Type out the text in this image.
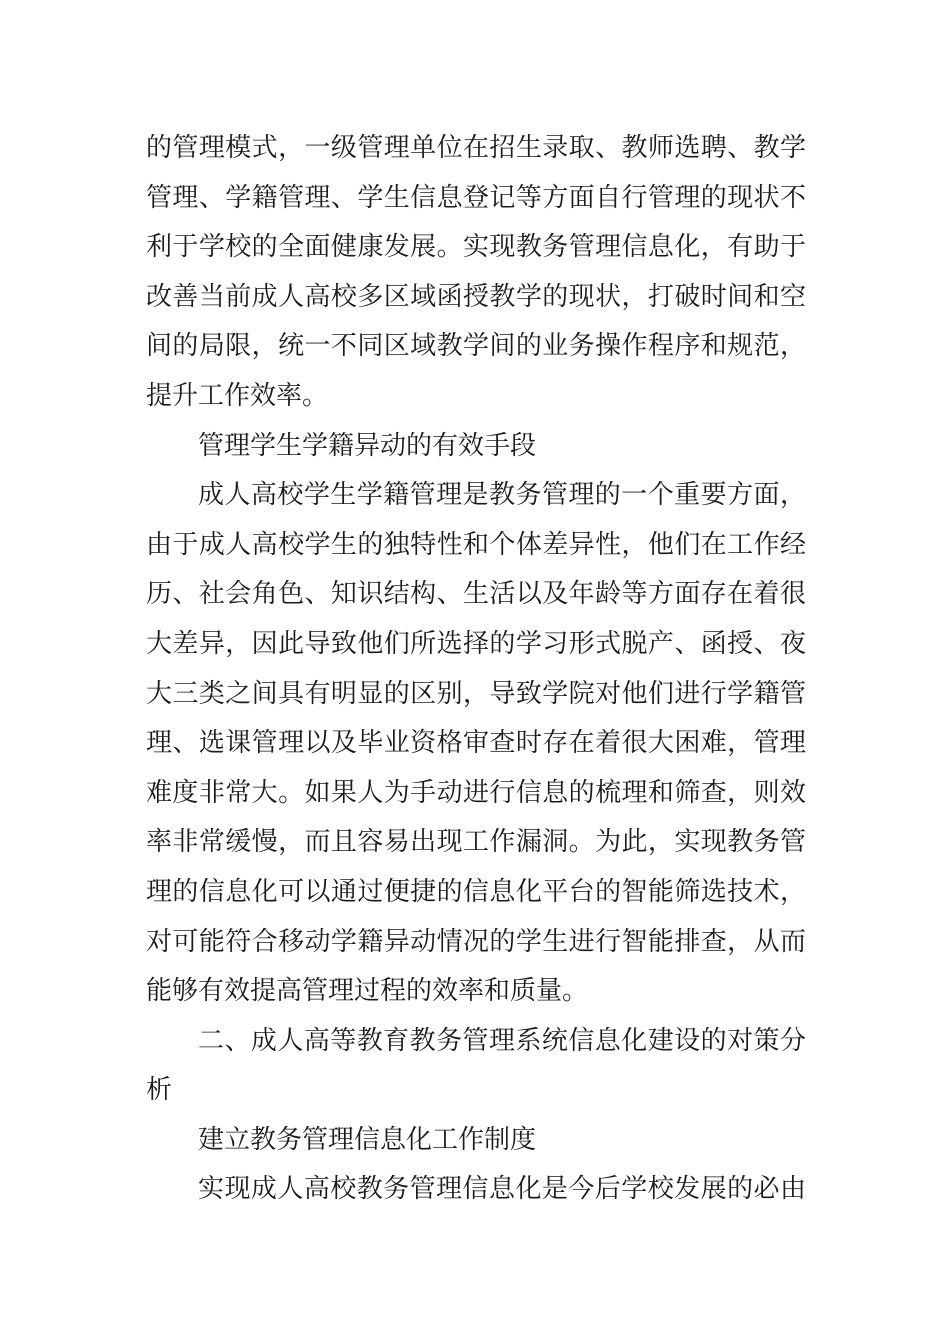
的管理模式，一级管理单位在招生录取、教师选聘、教学
管理、学籍管理、学生信息登记等方面自行管理的现状不
利于学校的全面健康发展。实现教务管理信息化，有助于
改善当前成人高校多区域函授教学的现状，打破时间和空
间的局限，统一不同区域教学间的业务操作程序和规范，
提升工作效率。
管理学生学籍异动的有效手段
成人高校学生学籍管理是教务管理的一个重要方面，
由于成人高校学生的独特性和个体差异性，他们在工作经
历、社会角色、知识结构、生活以及年龄等方面存在着很
大差异，因此导致他们所选择的学习形式脱产、函授、夜
大三类之间具有明显的区别，导致学院对他们进行学籍管
理、选课管理以及毕业资格审查时存在着很大困难，管理
难度非常大。如果人为手动进行信息的梳理和筛查，则效
率非常缓慢，而且容易出现工作漏洞。为此，实现教务管
理的信息化可以通过便捷的信息化平台的智能筛选技术，
对可能符合移动学籍异动情况的学生进行智能排查，从而
能够有效提高管理过程的效率和质量。
二、成人高等教育教务管理系统信息化建设的对策分
析
建立教务管理信息化工作制度
实现成人高校教务管理信息化是今后学校发展的必由
